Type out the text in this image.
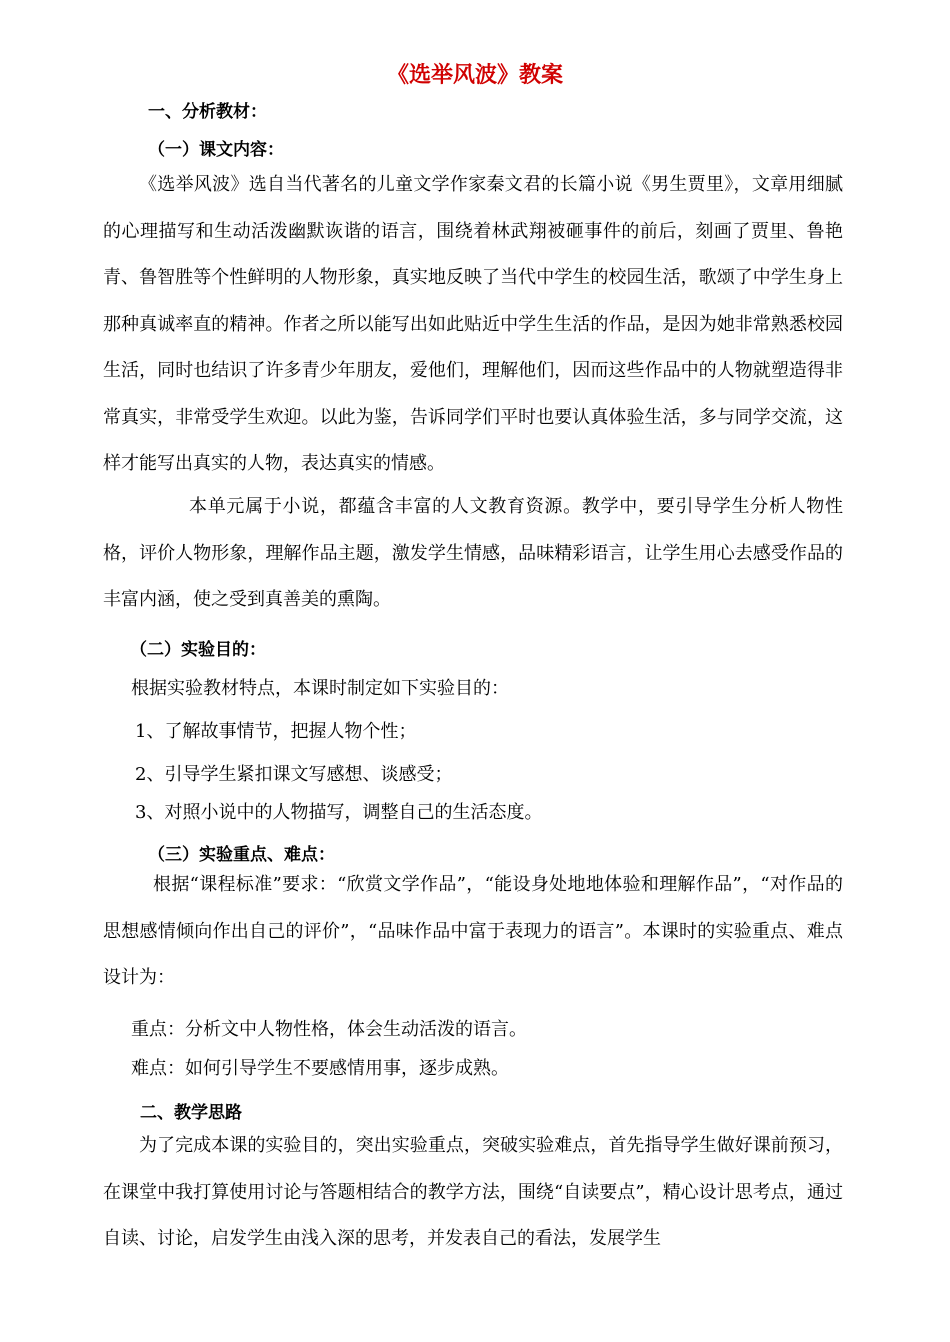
《选举风波》教案
一、分析教材：
（一）课文内容：
《选举风波》选自当代著名的儿童文学作家秦文君的长篇小说《男生贾里》，文章用细腻的心理描写和生动活泼幽默诙谐的语言，围绕着林武翔被砸事件的前后，刻画了贾里、鲁艳青、鲁智胜等个性鲜明的人物形象，真实地反映了当代中学生的校园生活，歌颂了中学生身上那种真诚率直的精神。作者之所以能写出如此贴近中学生生活的作品，是因为她非常熟悉校园生活，同时也结识了许多青少年朋友，爱他们，理解他们，因而这些作品中的人物就塑造得非常真实，非常受学生欢迎。以此为鉴，告诉同学们平时也要认真体验生活，多与同学交流，这样才能写出真实的人物，表达真实的情感。
本单元属于小说，都蕴含丰富的人文教育资源。教学中，要引导学生分析人物性格，评价人物形象，理解作品主题，激发学生情感，品味精彩语言，让学生用心去感受作品的丰富内涵，使之受到真善美的熏陶。
（二）实验目的：
根据实验教材特点，本课时制定如下实验目的：
1、了解故事情节，把握人物个性；
2、引导学生紧扣课文写感想、谈感受；
3、对照小说中的人物描写，调整自己的生活态度。
（三）实验重点、难点：
根据“课程标准”要求：“欣赏文学作品”，“能设身处地地体验和理解作品”，“对作品的思想感情倾向作出自己的评价”，“品味作品中富于表现力的语言”。本课时的实验重点、难点设计为：
重点：分析文中人物性格，体会生动活泼的语言。
难点：如何引导学生不要感情用事，逐步成熟。
二、教学思路
为了完成本课的实验目的，突出实验重点，突破实验难点，首先指导学生做好课前预习，在课堂中我打算使用讨论与答题相结合的教学方法，围绕“自读要点”，精心设计思考点，通过自读、讨论，启发学生由浅入深的思考，并发表自己的看法，发展学生
